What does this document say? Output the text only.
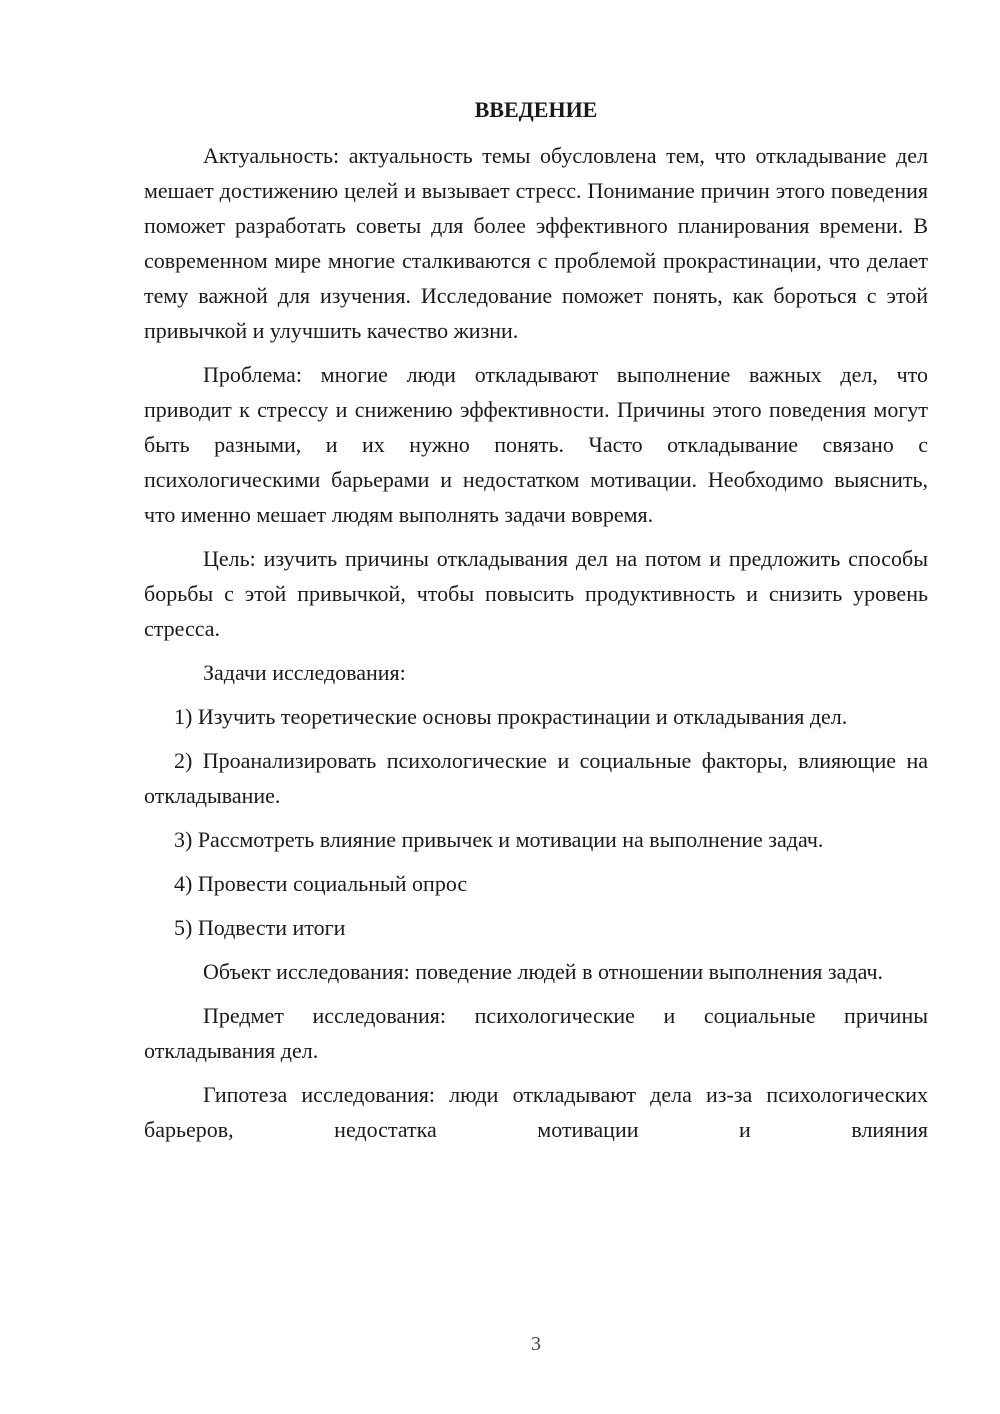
ВВЕДЕНИЕ

Актуальность: актуальность темы обусловлена тем, что откладывание дел мешает достижению целей и вызывает стресс. Понимание причин этого поведения поможет разработать советы для более эффективного планирования времени. В современном мире многие сталкиваются с проблемой прокрастинации, что делает тему важной для изучения. Исследование поможет понять, как бороться с этой привычкой и улучшить качество жизни.

Проблема: многие люди откладывают выполнение важных дел, что приводит к стрессу и снижению эффективности. Причины этого поведения могут быть разными, и их нужно понять. Часто откладывание связано с психологическими барьерами и недостатком мотивации. Необходимо выяснить, что именно мешает людям выполнять задачи вовремя.

Цель: изучить причины откладывания дел на потом и предложить способы борьбы с этой привычкой, чтобы повысить продуктивность и снизить уровень стресса.

Задачи исследования:

1) Изучить теоретические основы прокрастинации и откладывания дел.

2) Проанализировать психологические и социальные факторы, влияющие на откладывание.

3) Рассмотреть влияние привычек и мотивации на выполнение задач.

4) Провести социальный опрос

5) Подвести итоги

Объект исследования: поведение людей в отношении выполнения задач.

Предмет исследования: психологические и социальные причины откладывания дел.

Гипотеза исследования: люди откладывают дела из-за психологических барьеров, недостатка мотивации и влияния

3
